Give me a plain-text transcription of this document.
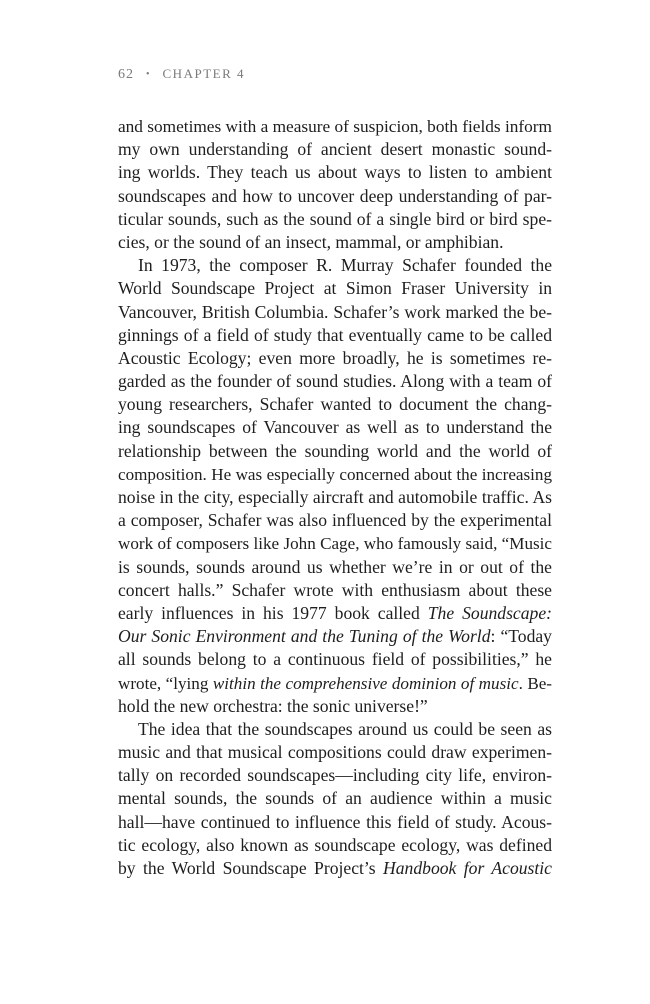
62 • CHAPTER 4
and sometimes with a measure of suspicion, both fields inform
my own understanding of ancient desert monastic sound-
ing worlds. They teach us about ways to listen to ambient
soundscapes and how to uncover deep understanding of par-
ticular sounds, such as the sound of a single bird or bird spe-
cies, or the sound of an insect, mammal, or amphibian.
In 1973, the composer R. Murray Schafer founded the
World Soundscape Project at Simon Fraser University in
Vancouver, British Columbia. Schafer’s work marked the be-
ginnings of a field of study that eventually came to be called
Acoustic Ecology; even more broadly, he is sometimes re-
garded as the founder of sound studies. Along with a team of
young researchers, Schafer wanted to document the chang-
ing soundscapes of Vancouver as well as to understand the
relationship between the sounding world and the world of
composition. He was especially concerned about the increasing
noise in the city, especially aircraft and automobile traffic. As
a composer, Schafer was also influenced by the experimental
work of composers like John Cage, who famously said, “Music
is sounds, sounds around us whether we’re in or out of the
concert halls.” Schafer wrote with enthusiasm about these
early influences in his 1977 book called The Soundscape:
Our Sonic Environment and the Tuning of the World: “Today
all sounds belong to a continuous field of possibilities,” he
wrote, “lying within the comprehensive dominion of music. Be-
hold the new orchestra: the sonic universe!”
The idea that the soundscapes around us could be seen as
music and that musical compositions could draw experimen-
tally on recorded soundscapes—including city life, environ-
mental sounds, the sounds of an audience within a music
hall—have continued to influence this field of study. Acous-
tic ecology, also known as soundscape ecology, was defined
by the World Soundscape Project’s Handbook for Acoustic
